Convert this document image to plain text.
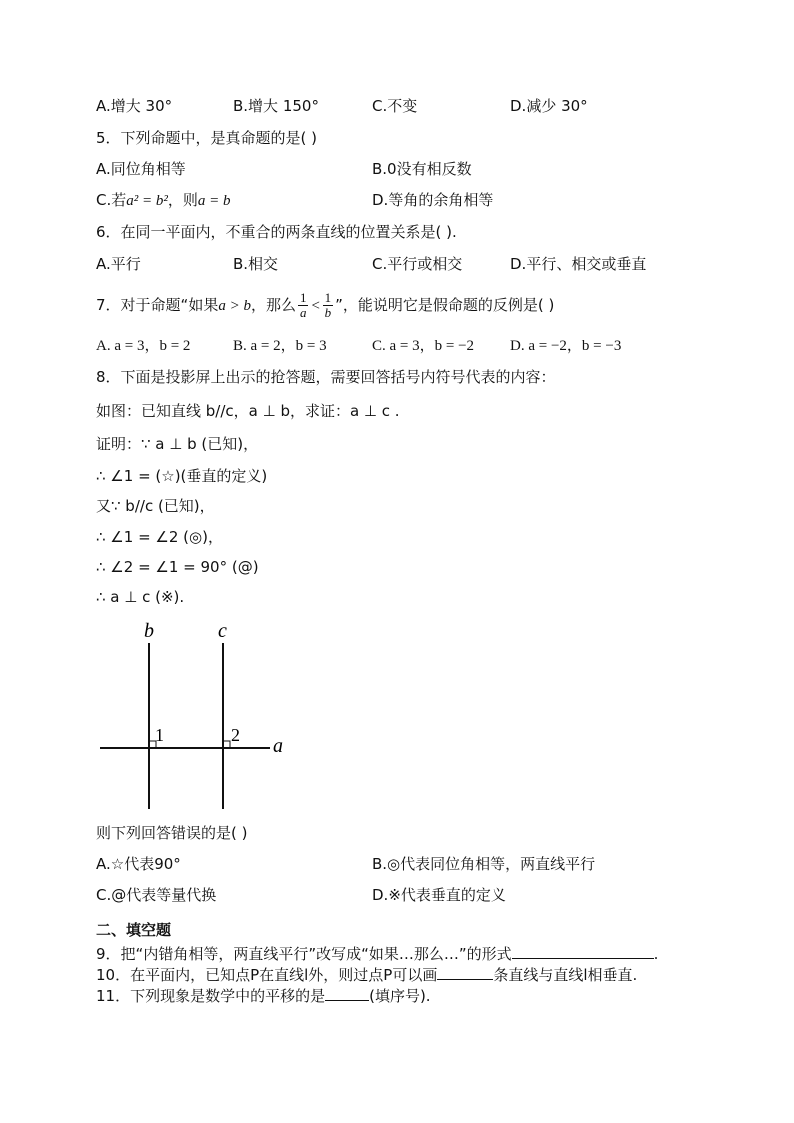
A.增大 30°	B.增大 150°	C.不变	D.减少 30°
5．下列命题中，是真命题的是( )
A.同位角相等	B.0没有相反数
C.若a² = b²，则a = b	D.等角的余角相等
6．在同一平面内，不重合的两条直线的位置关系是( ).
A.平行	B.相交	C.平行或相交	D.平行、相交或垂直
7．对于命题“如果a > b，那么 $\frac{1}{a} < \frac{1}{b}$ ”，能说明它是假命题的反例是( )
A. a = 3，b = 2	B. a = 2，b = 3	C. a = 3，b = −2 D. a = −2，b = −3
8．下面是投影屏上出示的抢答题，需要回答括号内符号代表的内容：
如图：已知直线 b//c，a ⊥ b，求证：a ⊥ c .
证明：∵ a ⊥ b (已知)，
∴ ∠1 = (☆)(垂直的定义)
又∵ b//c (已知)，
∴ ∠1 = ∠2 (◎)，
∴ ∠2 = ∠1 = 90° (@)
∴ a ⊥ c (※).
b	c
a
1	2
则下列回答错误的是( )
A.☆代表90°	B.◎代表同位角相等，两直线平行
C.@代表等量代换	D.※代表垂直的定义
二、填空题
9．把“内错角相等，两直线平行”改写成“如果…那么…”的形式	.
10．在平面内，已知点P在直线l外，则过点P可以画	条直线与直线l相垂直.
11．下列现象是数学中的平移的是	(填序号).
